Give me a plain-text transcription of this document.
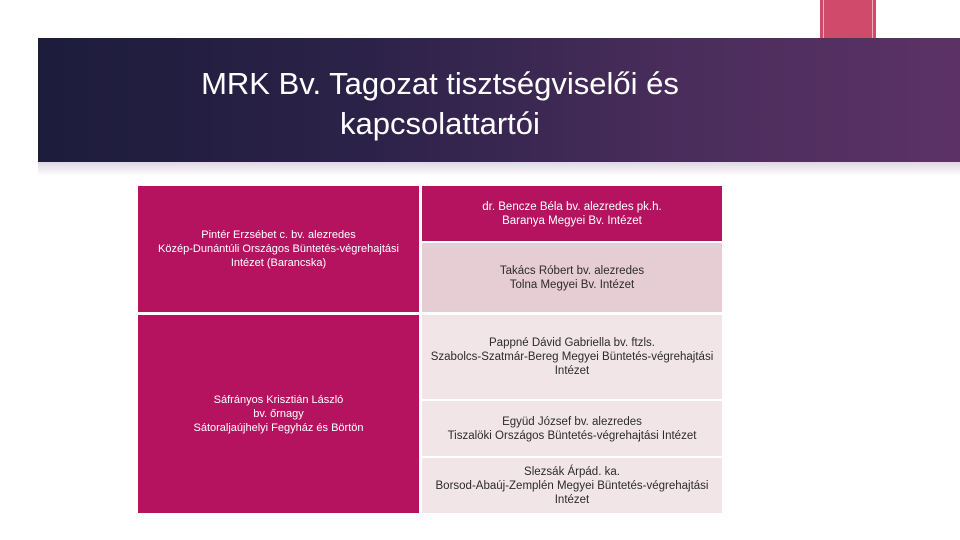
MRK Bv. Tagozat tisztségviselői és kapcsolattartói
Pintér Erzsébet c. bv. alezredes
Közép-Dunántúli Országos Büntetés-végrehajtási Intézet (Barancska)
Sáfrányos Krisztián László
bv. őrnagy
Sátoraljaújhelyi Fegyház és Börtön
dr. Bencze Béla bv. alezredes pk.h.
Baranya Megyei Bv. Intézet
Takács Róbert bv. alezredes
Tolna Megyei Bv. Intézet
Pappné Dávid Gabriella bv. ftzls.
Szabolcs-Szatmár-Bereg Megyei Büntetés-végrehajtási Intézet
Együd József bv. alezredes
Tiszalöki Országos Büntetés-végrehajtási Intézet
Slezsák Árpád. ka.
Borsod-Abaúj-Zemplén Megyei Büntetés-végrehajtási Intézet
